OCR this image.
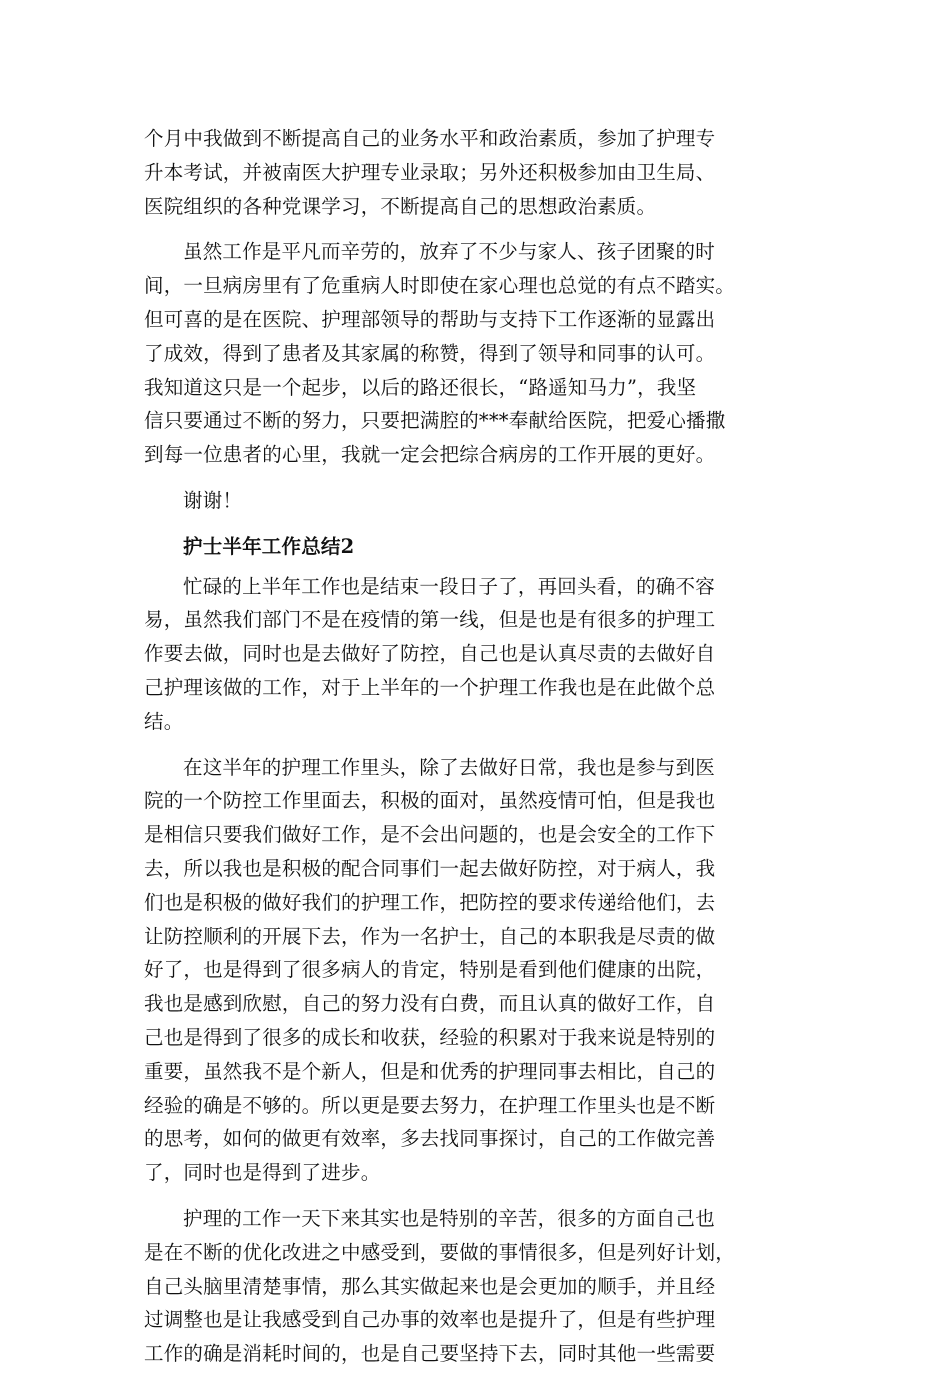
个月中我做到不断提高自己的业务水平和政治素质，参加了护理专
升本考试，并被南医大护理专业录取；另外还积极参加由卫生局、
医院组织的各种党课学习，不断提高自己的思想政治素质。

虽然工作是平凡而辛劳的，放弃了不少与家人、孩子团聚的时
间，一旦病房里有了危重病人时即使在家心理也总觉的有点不踏实。
但可喜的是在医院、护理部领导的帮助与支持下工作逐渐的显露出
了成效，得到了患者及其家属的称赞，得到了领导和同事的认可。
我知道这只是一个起步，以后的路还很长，“路遥知马力”，我坚
信只要通过不断的努力，只要把满腔的***奉献给医院，把爱心播撒
到每一位患者的心里，我就一定会把综合病房的工作开展的更好。

谢谢！

护士半年工作总结2

忙碌的上半年工作也是结束一段日子了，再回头看，的确不容
易，虽然我们部门不是在疫情的第一线，但是也是有很多的护理工
作要去做，同时也是去做好了防控，自己也是认真尽责的去做好自
己护理该做的工作，对于上半年的一个护理工作我也是在此做个总
结。

在这半年的护理工作里头，除了去做好日常，我也是参与到医
院的一个防控工作里面去，积极的面对，虽然疫情可怕，但是我也
是相信只要我们做好工作，是不会出问题的，也是会安全的工作下
去，所以我也是积极的配合同事们一起去做好防控，对于病人，我
们也是积极的做好我们的护理工作，把防控的要求传递给他们，去
让防控顺利的开展下去，作为一名护士，自己的本职我是尽责的做
好了，也是得到了很多病人的肯定，特别是看到他们健康的出院，
我也是感到欣慰，自己的努力没有白费，而且认真的做好工作，自
己也是得到了很多的成长和收获，经验的积累对于我来说是特别的
重要，虽然我不是个新人，但是和优秀的护理同事去相比，自己的
经验的确是不够的。所以更是要去努力，在护理工作里头也是不断
的思考，如何的做更有效率，多去找同事探讨，自己的工作做完善
了，同时也是得到了进步。

护理的工作一天下来其实也是特别的辛苦，很多的方面自己也
是在不断的优化改进之中感受到，要做的事情很多，但是列好计划，
自己头脑里清楚事情，那么其实做起来也是会更加的顺手，并且经
过调整也是让我感受到自己办事的效率也是提升了，但是有些护理
工作的确是消耗时间的，也是自己要坚持下去，同时其他一些需要
